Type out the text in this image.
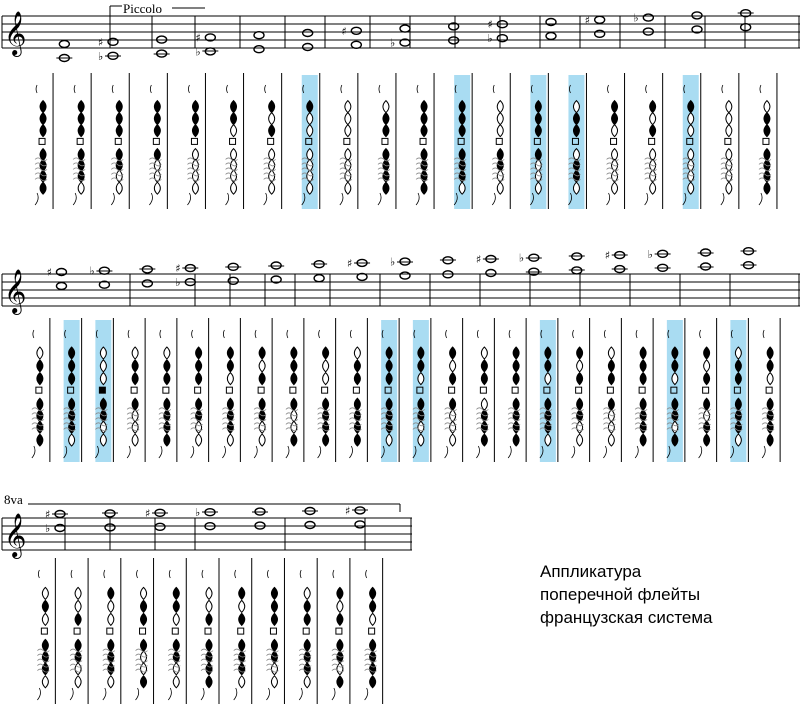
𝄞
𝄞
𝄞
♯
♭
♯
♭
♯
♭
♯
♭
♯	♭
♯	♭	♯
♭
♯	♭	♯	♭	♯	♭
♯
♭
♯	♭	♯
Piccolo
8va
Аппликатура
поперечной флейты
французская система
